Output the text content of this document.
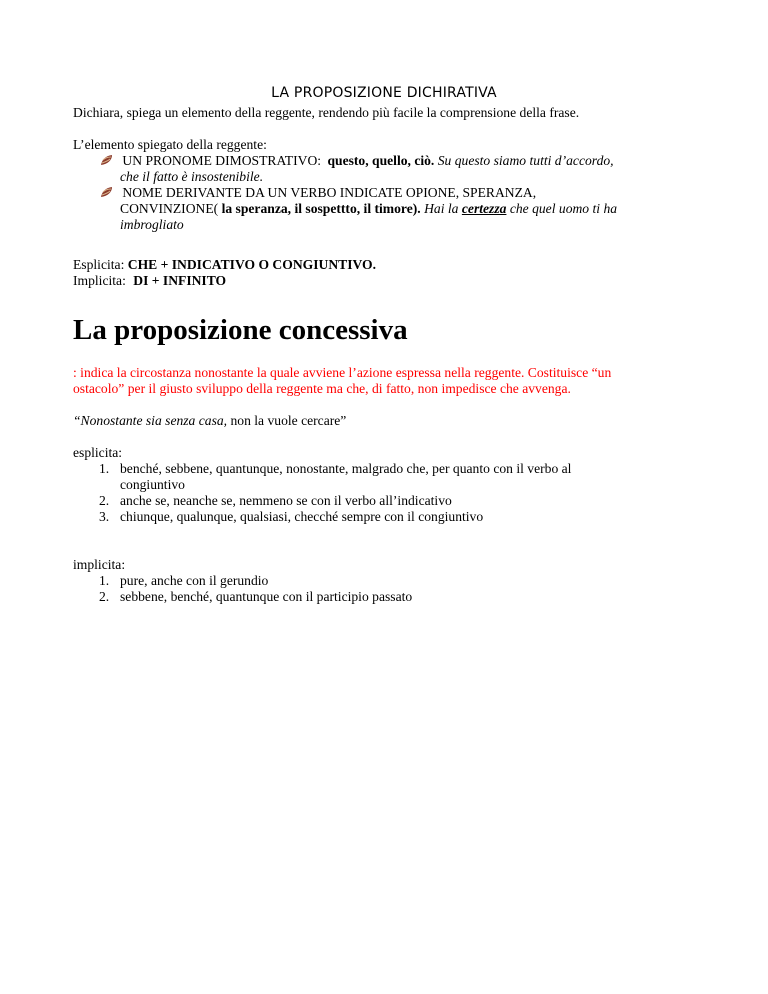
LA PROPOSIZIONE DICHIRATIVA
Dichiara, spiega un elemento della reggente, rendendo più facile la comprensione della frase.
L’elemento spiegato della reggente:
UN PRONOME DIMOSTRATIVO: questo, quello, ciò. Su questo siamo tutti d’accordo,
che il fatto è insostenibile.
NOME DERIVANTE DA UN VERBO INDICATE OPIONE, SPERANZA,
CONVINZIONE( la speranza, il sospettto, il timore). Hai la certezza che quel uomo ti ha
imbrogliato
Esplicita: CHE + INDICATIVO O CONGIUNTIVO.
Implicita: DI + INFINITO
La proposizione concessiva
: indica la circostanza nonostante la quale avviene l’azione espressa nella reggente. Costituisce “un
ostacolo” per il giusto sviluppo della reggente ma che, di fatto, non impedisce che avvenga.
“Nonostante sia senza casa, non la vuole cercare”
esplicita:
1. benché, sebbene, quantunque, nonostante, malgrado che, per quanto con il verbo al
congiuntivo
2. anche se, neanche se, nemmeno se con il verbo all’indicativo
3. chiunque, qualunque, qualsiasi, checché sempre con il congiuntivo
implicita:
1. pure, anche con il gerundio
2. sebbene, benché, quantunque con il participio passato
